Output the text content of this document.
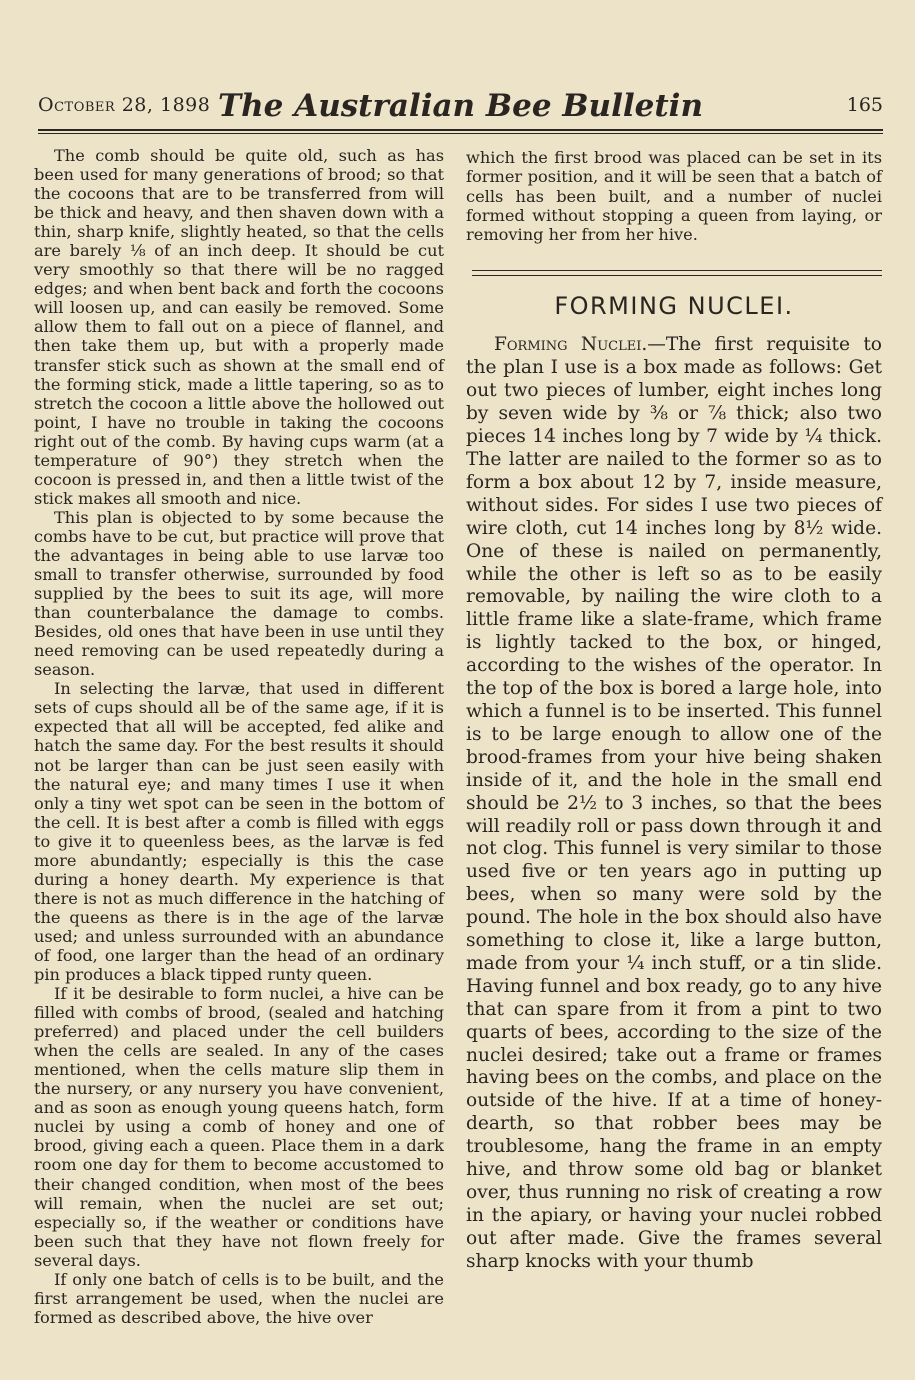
October 28, 1898 The Australian Bee Bulletin	165

The comb should be quite old, such as has been used for many generations of brood; so that the cocoons that are to be transferred from will be thick and heavy, and then shaven down with a thin, sharp knife, slightly heated, so that the cells are barely ⅛ of an inch deep. It should be cut very smoothly so that there will be no ragged edges; and when bent back and forth the cocoons will loosen up, and can easily be removed. Some allow them to fall out on a piece of flannel, and then take them up, but with a properly made transfer stick such as shown at the small end of the forming stick, made a little tapering, so as to stretch the cocoon a little above the hollowed out point, I have no trouble in taking the cocoons right out of the comb. By having cups warm (at a temperature of 90°) they stretch when the cocoon is pressed in, and then a little twist of the stick makes all smooth and nice.

This plan is objected to by some because the combs have to be cut, but practice will prove that the advantages in being able to use larvæ too small to transfer otherwise, surrounded by food supplied by the bees to suit its age, will more than counterbalance the damage to combs. Besides, old ones that have been in use until they need removing can be used repeatedly during a season.

In selecting the larvæ, that used in different sets of cups should all be of the same age, if it is expected that all will be accepted, fed alike and hatch the same day. For the best results it should not be larger than can be just seen easily with the natural eye; and many times I use it when only a tiny wet spot can be seen in the bottom of the cell. It is best after a comb is filled with eggs to give it to queenless bees, as the larvæ is fed more abundantly; especially is this the case during a honey dearth. My experience is that there is not as much difference in the hatching of the queens as there is in the age of the larvæ used; and unless surrounded with an abundance of food, one larger than the head of an ordinary pin produces a black tipped runty queen.

If it be desirable to form nuclei, a hive can be filled with combs of brood, (sealed and hatching preferred) and placed under the cell builders when the cells are sealed. In any of the cases mentioned, when the cells mature slip them in the nursery, or any nursery you have convenient, and as soon as enough young queens hatch, form nuclei by using a comb of honey and one of brood, giving each a queen. Place them in a dark room one day for them to become accustomed to their changed condition, when most of the bees will remain, when the nuclei are set out; especially so, if the weather or conditions have been such that they have not flown freely for several days.

If only one batch of cells is to be built, and the first arrangement be used, when the nuclei are formed as described above, the hive over

which the first brood was placed can be set in its former position, and it will be seen that a batch of cells has been built, and a number of nuclei formed without stopping a queen from laying, or removing her from her hive.

FORMING NUCLEI.

Forming Nuclei.—The first requisite to the plan I use is a box made as follows: Get out two pieces of lumber, eight inches long by seven wide by ⅜ or ⅞ thick; also two pieces 14 inches long by 7 wide by ¼ thick. The latter are nailed to the former so as to form a box about 12 by 7, inside measure, without sides. For sides I use two pieces of wire cloth, cut 14 inches long by 8½ wide. One of these is nailed on permanently, while the other is left so as to be easily removable, by nailing the wire cloth to a little frame like a slate-frame, which frame is lightly tacked to the box, or hinged, according to the wishes of the operator. In the top of the box is bored a large hole, into which a funnel is to be inserted. This funnel is to be large enough to allow one of the brood-frames from your hive being shaken inside of it, and the hole in the small end should be 2½ to 3 inches, so that the bees will readily roll or pass down through it and not clog. This funnel is very similar to those used five or ten years ago in putting up bees, when so many were sold by the pound. The hole in the box should also have something to close it, like a large button, made from your ¼ inch stuff, or a tin slide. Having funnel and box ready, go to any hive that can spare from it from a pint to two quarts of bees, according to the size of the nuclei desired; take out a frame or frames having bees on the combs, and place on the outside of the hive. If at a time of honey-dearth, so that robber bees may be troublesome, hang the frame in an empty hive, and throw some old bag or blanket over, thus running no risk of creating a row in the apiary, or having your nuclei robbed out after made. Give the frames several sharp knocks with your thumb
